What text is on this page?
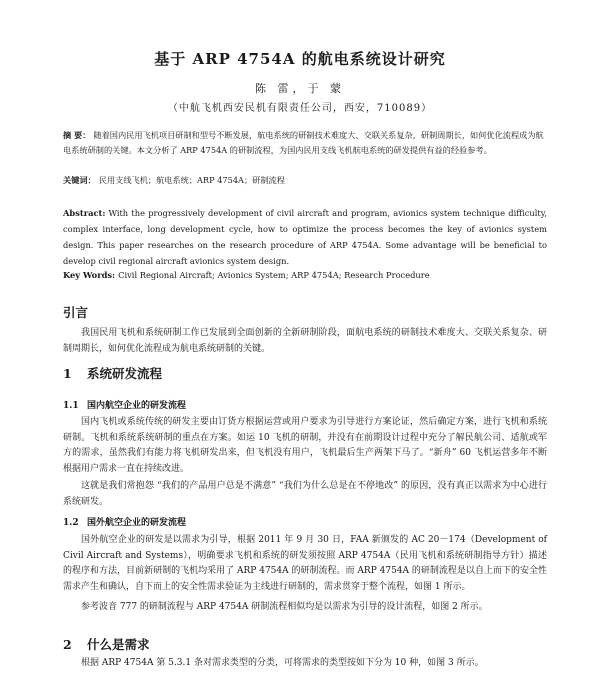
基于 ARP 4754A 的航电系统设计研究
陈 雷，于 蒙
（中航飞机西安民机有限责任公司，西安，710089）
摘 要： 随着国内民用飞机项目研制和型号不断发展，航电系统的研制技术难度大、交联关系复杂，研制周期长，如何优化流程成为航电系统研制的关键。本文分析了 ARP 4754A 的研制流程，为国内民用支线飞机航电系统的研发提供有益的经验参考。
关键词： 民用支线飞机；航电系统；ARP 4754A；研制流程
Abstract: With the progressively development of civil aircraft and program, avionics system technique difficulty, complex interface, long development cycle, how to optimize the process becomes the key of avionics system design. This paper researches on the research procedure of ARP 4754A. Some advantage will be beneficial to develop civil regional aircraft avionics system design.
Key Words: Civil Regional Aircraft; Avionics System; ARP 4754A; Research Procedure
引言
我国民用飞机和系统研制工作已发展到全面创新的全新研制阶段，面航电系统的研制技术难度大、交联关系复杂、研制周期长，如何优化流程成为航电系统研制的关键。
1 系统研发流程
1.1 国内航空企业的研发流程
国内飞机或系统传统的研发主要由订货方根据运营或用户要求为引导进行方案论证，然后确定方案，进行飞机和系统研制。飞机和系统系统研制的重点在方案。如运 10 飞机的研制，并没有在前期设计过程中充分了解民航公司、适航或军方的需求，虽然我们有能力将飞机研发出来，但飞机没有用户，飞机最后生产两架下马了。“新舟” 60 飞机运营多年不断根据用户需求一直在持续改进。
这就是我们常抱怨 “我们的产品用户总是不满意” “我们为什么总是在不停地改” 的原因，没有真正以需求为中心进行系统研发。
1.2 国外航空企业的研发流程
国外航空企业的研发是以需求为引导，根据 2011 年 9 月 30 日，FAA 新颁发的 AC 20－174（Development of Civil Aircraft and Systems），明确要求飞机和系统的研发须按照 ARP 4754A（民用飞机和系统研制指导方针）描述的程序和方法，目前新研制的飞机均采用了 ARP 4754A 的研制流程。而 ARP 4754A 的研制流程是以自上而下的安全性需求产生和确认，自下而上的安全性需求验证为主线进行研制的，需求贯穿于整个流程，如图 1 所示。
参考波音 777 的研制流程与 ARP 4754A 研制流程相似均是以需求为引导的设计流程，如图 2 所示。
2 什么是需求
根据 ARP 4754A 第 5.3.1 条对需求类型的分类，可将需求的类型按如下分为 10 种，如图 3 所示。
